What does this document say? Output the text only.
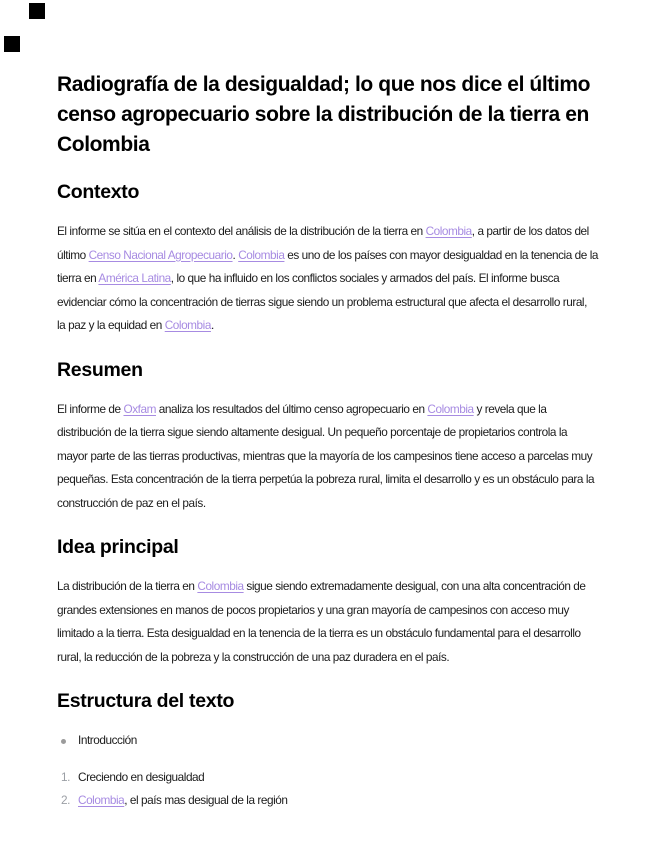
Radiografía de la desigualdad; lo que nos dice el último censo agropecuario sobre la distribución de la tierra en Colombia
Contexto

El informe se sitúa en el contexto del análisis de la distribución de la tierra en Colombia, a partir de los datos del último Censo Nacional Agropecuario. Colombia es uno de los países con mayor desigualdad en la tenencia de la tierra en América Latina, lo que ha influido en los conflictos sociales y armados del país. El informe busca evidenciar cómo la concentración de tierras sigue siendo un problema estructural que afecta el desarrollo rural, la paz y la equidad en Colombia.

Resumen

El informe de Oxfam analiza los resultados del último censo agropecuario en Colombia y revela que la distribución de la tierra sigue siendo altamente desigual. Un pequeño porcentaje de propietarios controla la mayor parte de las tierras productivas, mientras que la mayoría de los campesinos tiene acceso a parcelas muy pequeñas. Esta concentración de la tierra perpetúa la pobreza rural, limita el desarrollo y es un obstáculo para la construcción de paz en el país.

Idea principal

La distribución de la tierra en Colombia sigue siendo extremadamente desigual, con una alta concentración de grandes extensiones en manos de pocos propietarios y una gran mayoría de campesinos con acceso muy limitado a la tierra. Esta desigualdad en la tenencia de la tierra es un obstáculo fundamental para el desarrollo rural, la reducción de la pobreza y la construcción de una paz duradera en el país.

Estructura del texto
Introducción
1. Creciendo en desigualdad
2. Colombia, el país mas desigual de la región
